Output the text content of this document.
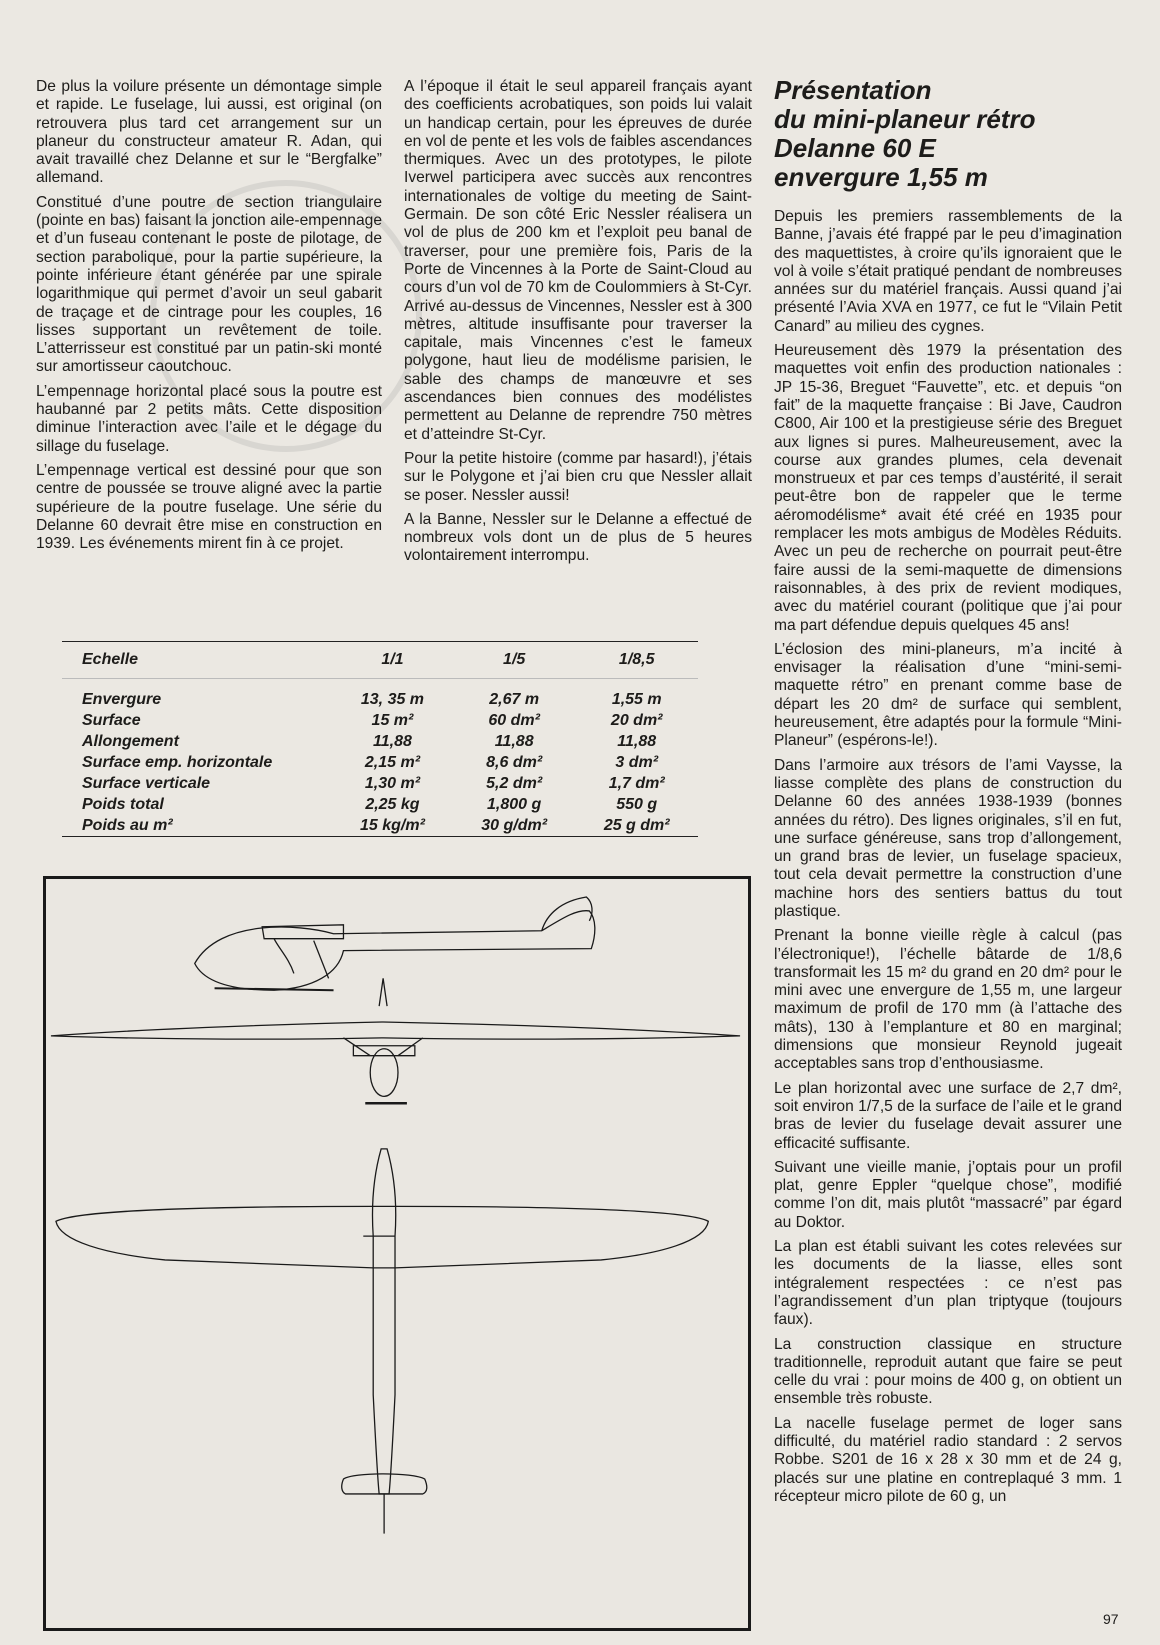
De plus la voilure présente un démontage simple et rapide. Le fuselage, lui aussi, est original (on retrouvera plus tard cet arrangement sur un planeur du constructeur amateur R. Adan, qui avait travaillé chez Delanne et sur le “Bergfalke” allemand.

Constitué d’une poutre de section triangulaire (pointe en bas) faisant la jonction aile-empennage et d’un fuseau contenant le poste de pilotage, de section parabolique, pour la partie supérieure, la pointe inférieure étant générée par une spirale logarithmique qui permet d’avoir un seul gabarit de traçage et de cintrage pour les couples, 16 lisses supportant un revêtement de toile. L’atterrisseur est constitué par un patin-ski monté sur amortisseur caoutchouc.

L’empennage horizontal placé sous la poutre est haubanné par 2 petits mâts. Cette disposition diminue l’interaction avec l’aile et le dégage du sillage du fuselage.

L’empennage vertical est dessiné pour que son centre de poussée se trouve aligné avec la partie supérieure de la poutre fuselage. Une série du Delanne 60 devrait être mise en construction en 1939. Les événements mirent fin à ce projet.

A l’époque il était le seul appareil français ayant des coefficients acrobatiques, son poids lui valait un handicap certain, pour les épreuves de durée en vol de pente et les vols de faibles ascendances thermiques. Avec un des prototypes, le pilote Iverwel participera avec succès aux rencontres internationales de voltige du meeting de Saint-Germain. De son côté Eric Nessler réalisera un vol de plus de 200 km et l’exploit peu banal de traverser, pour une première fois, Paris de la Porte de Vincennes à la Porte de Saint-Cloud au cours d’un vol de 70 km de Coulommiers à St-Cyr. Arrivé au-dessus de Vincennes, Nessler est à 300 mètres, altitude insuffisante pour traverser la capitale, mais Vincennes c’est le fameux polygone, haut lieu de modélisme parisien, le sable des champs de manœuvre et ses ascendances bien connues des modélistes permettent au Delanne de reprendre 750 mètres et d’atteindre St-Cyr.

Pour la petite histoire (comme par hasard!), j’étais sur le Polygone et j’ai bien cru que Nessler allait se poser. Nessler aussi!

A la Banne, Nessler sur le Delanne a effectué de nombreux vols dont un de plus de 5 heures volontairement interrompu.

Présentation
du mini-planeur rétro
Delanne 60 E
envergure 1,55 m

Depuis les premiers rassemblements de la Banne, j’avais été frappé par le peu d’imagination des maquettistes, à croire qu’ils ignoraient que le vol à voile s’était pratiqué pendant de nombreuses années sur du matériel français. Aussi quand j’ai présenté l’Avia XVA en 1977, ce fut le “Vilain Petit Canard” au milieu des cygnes.

Heureusement dès 1979 la présentation des maquettes voit enfin des production nationales : JP 15-36, Breguet “Fauvette”, etc. et depuis “on fait” de la maquette française : Bi Jave, Caudron C800, Air 100 et la prestigieuse série des Breguet aux lignes si pures. Malheureusement, avec la course aux grandes plumes, cela devenait monstrueux et par ces temps d’austérité, il serait peut-être bon de rappeler que le terme aéromodélisme* avait été créé en 1935 pour remplacer les mots ambigus de Modèles Réduits. Avec un peu de recherche on pourrait peut-être faire aussi de la semi-maquette de dimensions raisonnables, à des prix de revient modiques, avec du matériel courant (politique que j’ai pour ma part défendue depuis quelques 45 ans!

L’éclosion des mini-planeurs, m’a incité à envisager la réalisation d’une “mini-semi-maquette rétro” en prenant comme base de départ les 20 dm² de surface qui semblent, heureusement, être adaptés pour la formule “Mini-Planeur” (espérons-le!).

Dans l’armoire aux trésors de l’ami Vaysse, la liasse complète des plans de construction du Delanne 60 des années 1938-1939 (bonnes années du rétro). Des lignes originales, s’il en fut, une surface généreuse, sans trop d’allongement, un grand bras de levier, un fuselage spacieux, tout cela devait permettre la construction d’une machine hors des sentiers battus du tout plastique.

Prenant la bonne vieille règle à calcul (pas l’électronique!), l’échelle bâtarde de 1/8,6 transformait les 15 m² du grand en 20 dm² pour le mini avec une envergure de 1,55 m, une largeur maximum de profil de 170 mm (à l’attache des mâts), 130 à l’emplanture et 80 en marginal; dimensions que monsieur Reynold jugeait acceptables sans trop d’enthousiasme.

Le plan horizontal avec une surface de 2,7 dm², soit environ 1/7,5 de la surface de l’aile et le grand bras de levier du fuselage devait assurer une efficacité suffisante.

Suivant une vieille manie, j’optais pour un profil plat, genre Eppler “quelque chose”, modifié comme l’on dit, mais plutôt “massacré” par égard au Doktor.

La plan est établi suivant les cotes relevées sur les documents de la liasse, elles sont intégralement respectées : ce n’est pas l’agrandissement d’un plan triptyque (toujours faux).

La construction classique en structure traditionnelle, reproduit autant que faire se peut celle du vrai : pour moins de 400 g, on obtient un ensemble très robuste.

La nacelle fuselage permet de loger sans difficulté, du matériel radio standard : 2 servos Robbe. S201 de 16 x 28 x 30 mm et de 24 g, placés sur une platine en contreplaqué 3 mm. 1 récepteur micro pilote de 60 g, un

Echelle	1/1	1/5	1/8,5
Envergure	13, 35 m	2,67 m	1,55 m
Surface	15 m²	60 dm²	20 dm²
Allongement	11,88	11,88	11,88
Surface emp. horizontale	2,15 m²	8,6 dm²	3 dm²
Surface verticale	1,30 m²	5,2 dm²	1,7 dm²
Poids total	2,25 kg	1,800 g	550 g
Poids au m²	15 kg/m²	30 g/dm²	25 g dm²
97
